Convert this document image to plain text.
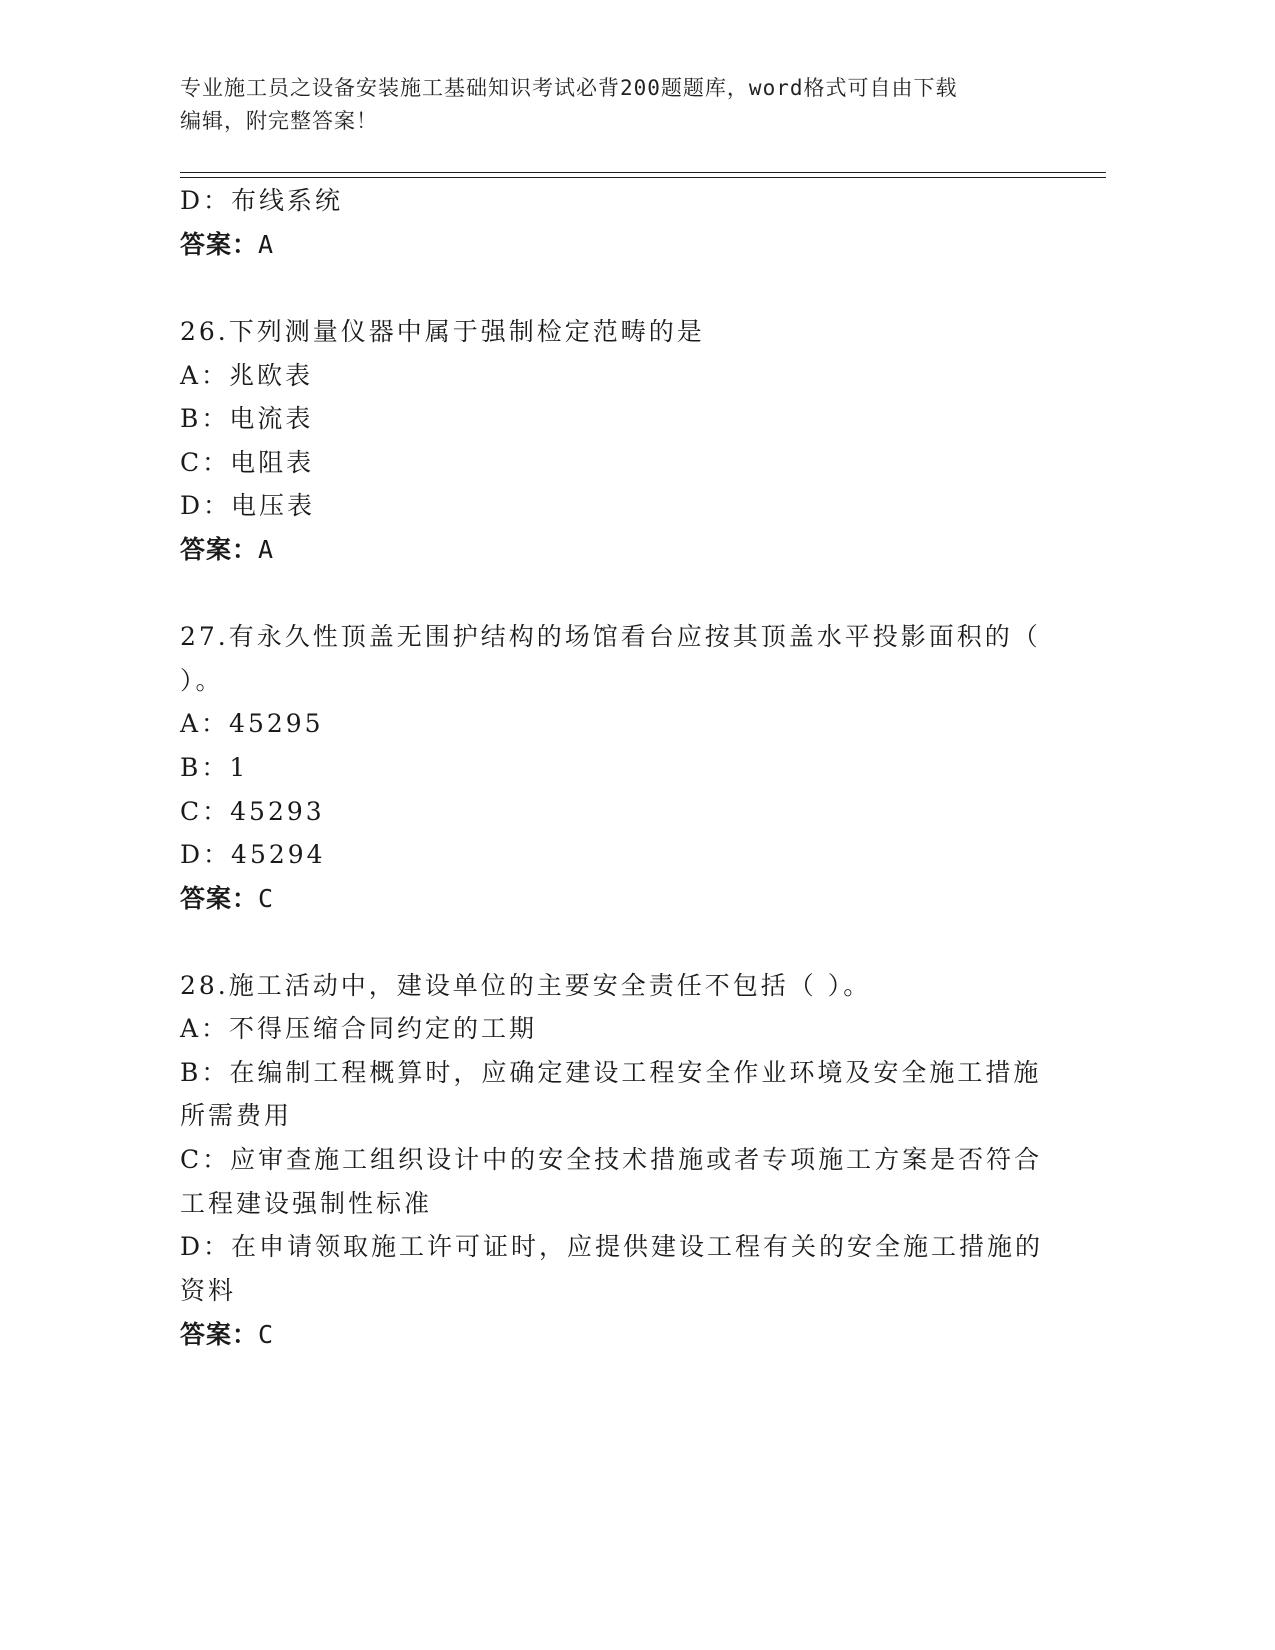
专业施工员之设备安装施工基础知识考试必背200题题库，word格式可自由下载
编辑，附完整答案！
D：布线系统
答案：A
26.下列测量仪器中属于强制检定范畴的是
A：兆欧表
B：电流表
C：电阻表
D：电压表
答案：A
27.有永久性顶盖无围护结构的场馆看台应按其顶盖水平投影面积的（
）。
A：45295
B：1
C：45293
D：45294
答案：C
28.施工活动中，建设单位的主要安全责任不包括（ ）。
A：不得压缩合同约定的工期
B：在编制工程概算时，应确定建设工程安全作业环境及安全施工措施
所需费用
C：应审查施工组织设计中的安全技术措施或者专项施工方案是否符合
工程建设强制性标准
D：在申请领取施工许可证时，应提供建设工程有关的安全施工措施的
资料
答案：C
